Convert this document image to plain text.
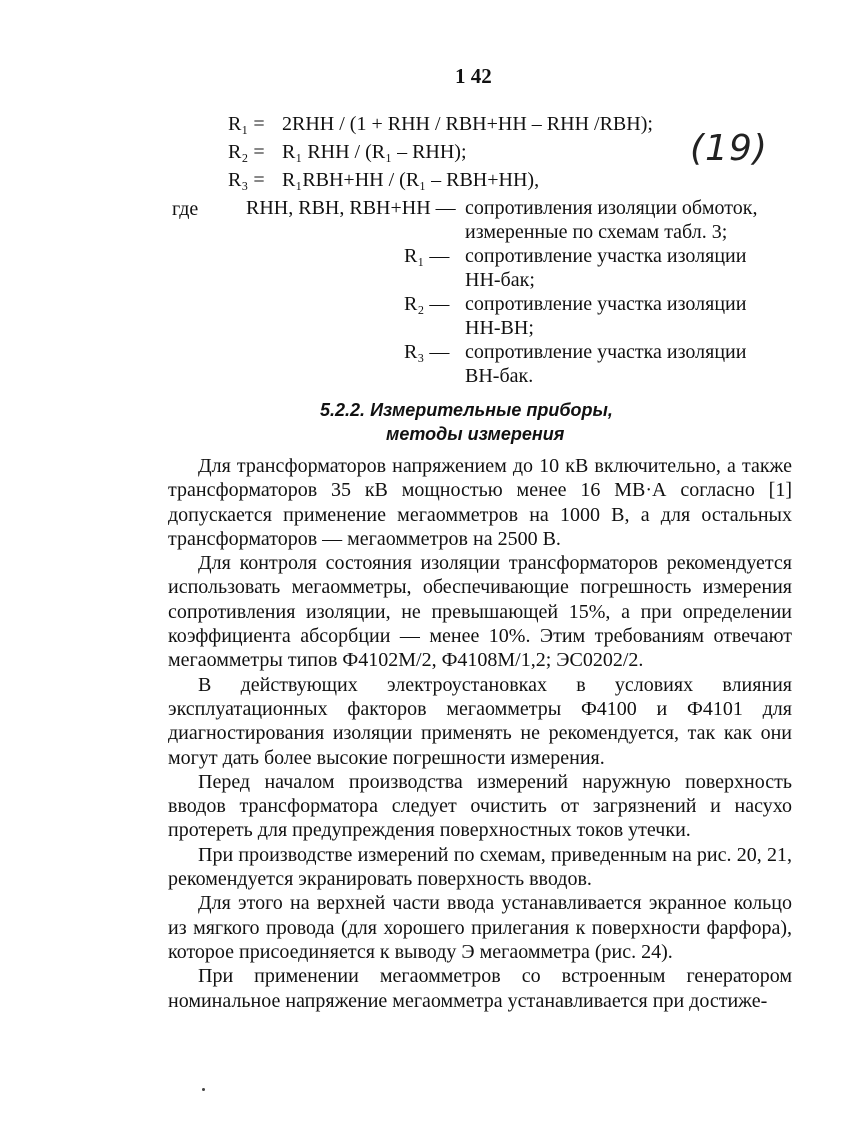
1 42
R₁ = 2RНН / (1 + RНН / RВН+НН – RНН /RВН);
R₂ = R₁ RНН / (R₁ – RНН);
R₃ = R₁RВН+НН / (R₁ – RВН+НН),
(19)
где RНН, RВН, RВН+НН — сопротивления изоляции обмоток,
измеренные по схемам табл. 3;
R₁ — сопротивление участка изоляции
НН-бак;
R₂ — сопротивление участка изоляции
НН-ВН;
R₃ — сопротивление участка изоляции
ВН-бак.
5.2.2. Измерительные приборы,
методы измерения

Для трансформаторов напряжением до 10 кВ включительно, а также трансформаторов 35 кВ мощностью менее 16 МВ·А согласно [1] допускается применение мегаомметров на 1000 В, а для остальных трансформаторов — мегаомметров на 2500 В.

Для контроля состояния изоляции трансформаторов рекомендуется использовать мегаомметры, обеспечивающие погрешность измерения сопротивления изоляции, не превышающей 15%, а при определении коэффициента абсорбции — менее 10%. Этим требованиям отвечают мегаомметры типов Ф4102М/2, Ф4108М/1,2; ЭС0202/2.

В действующих электроустановках в условиях влияния эксплуатационных факторов мегаомметры Ф4100 и Ф4101 для диагностирования изоляции применять не рекомендуется, так как они могут дать более высокие погрешности измерения.

Перед началом производства измерений наружную поверхность вводов трансформатора следует очистить от загрязнений и насухо протереть для предупреждения поверхностных токов утечки.

При производстве измерений по схемам, приведенным на рис. 20, 21, рекомендуется экранировать поверхность вводов.

Для этого на верхней части ввода устанавливается экранное кольцо из мягкого провода (для хорошего прилегания к поверхности фарфора), которое присоединяется к выводу Э мегаомметра (рис. 24).

При применении мегаомметров со встроенным генератором номинальное напряжение мегаомметра устанавливается при достиже-
